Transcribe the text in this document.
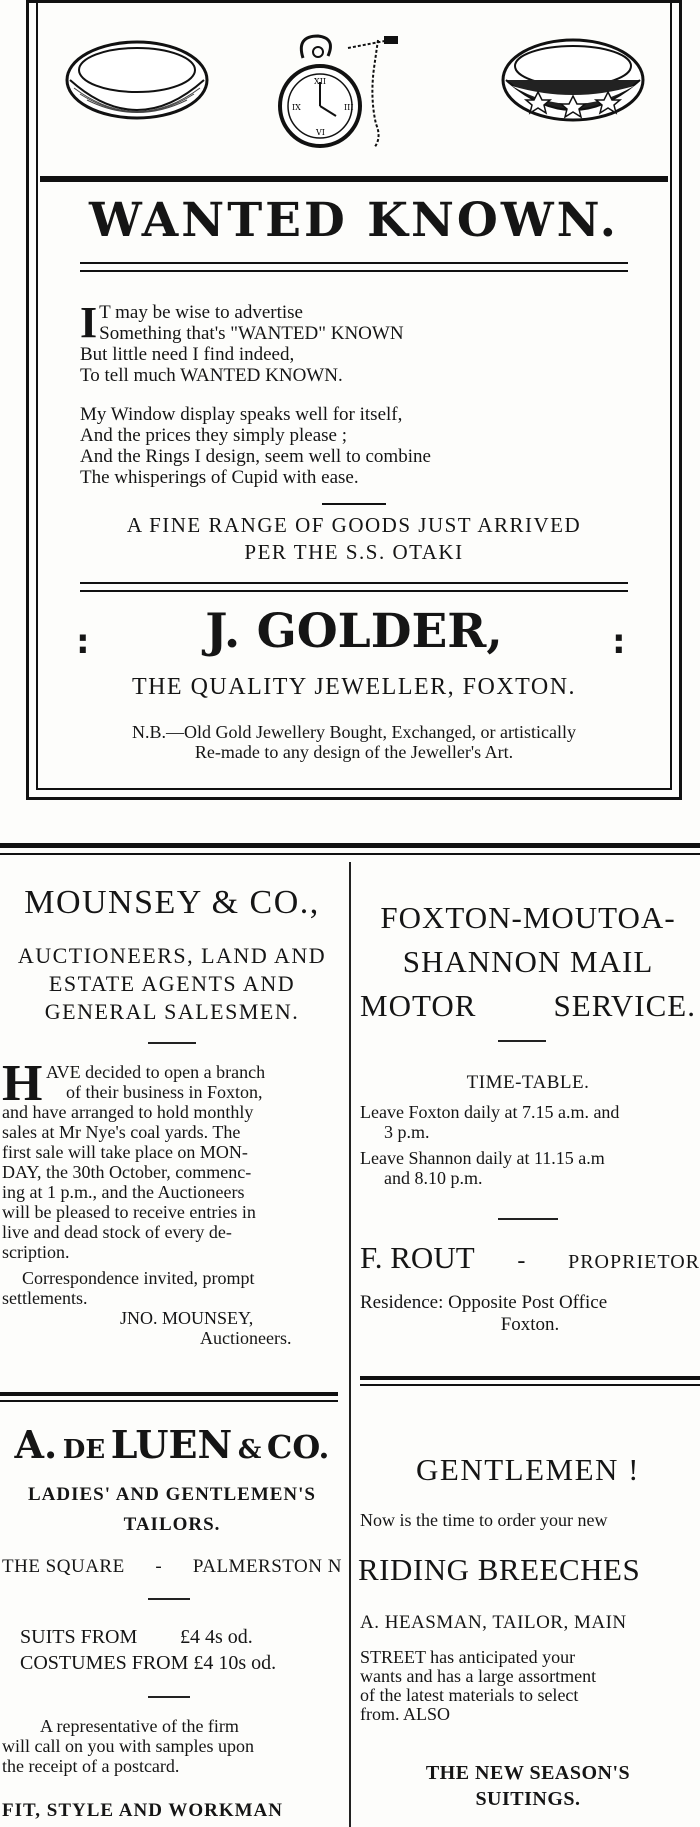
XII
III
VI
IX
WANTED KNOWN.
I T may be wise to advertise
Something that's "WANTED" KNOWN
But little need I find indeed,
To tell much WANTED KNOWN.
My Window display speaks well for itself,
And the prices they simply please ;
And the Rings I design, seem well to combine
The whisperings of Cupid with ease.
A FINE RANGE OF GOODS JUST ARRIVED
PER THE S.S. OTAKI
J. GOLDER,
:	:
THE QUALITY JEWELLER, FOXTON.
N.B.—Old Gold Jewellery Bought, Exchanged, or artistically
Re-made to any design of the Jeweller's Art.
MOUNSEY & CO.,
AUCTIONEERS, LAND AND
ESTATE AGENTS AND
GENERAL SALESMEN.
H AVE decided to open a branch
of their business in Foxton,
and have arranged to hold monthly
sales at Mr Nye's coal yards. The
first sale will take place on MON-
DAY, the 30th October, commenc-
ing at 1 p.m., and the Auctioneers
will be pleased to receive entries in
live and dead stock of every de-
scription.
Correspondence invited, prompt
settlements.
JNO. MOUNSEY,
Auctioneers.
A. DE LUEN & CO.
LADIES' AND GENTLEMEN'S
TAILORS.
THE SQUARE - PALMERSTON N
SUITS FROM £4 4s od.
COSTUMES FROM £4 10s od.
A representative of the firm
will call on you with samples upon
the receipt of a postcard.
FIT, STYLE AND WORKMAN
FOXTON-MOUTOA-
SHANNON MAIL
MOTOR SERVICE.
TIME-TABLE.
Leave Foxton daily at 7.15 a.m. and
3 p.m.
Leave Shannon daily at 11.15 a.m
and 8.10 p.m.
F. ROUT - PROPRIETOR
Residence: Opposite Post Office
Foxton.
GENTLEMEN !
Now is the time to order your new
RIDING BREECHES
A. HEASMAN, TAILOR, MAIN
STREET has anticipated your
wants and has a large assortment
of the latest materials to select
from. ALSO
THE NEW SEASON'S
SUITINGS.
